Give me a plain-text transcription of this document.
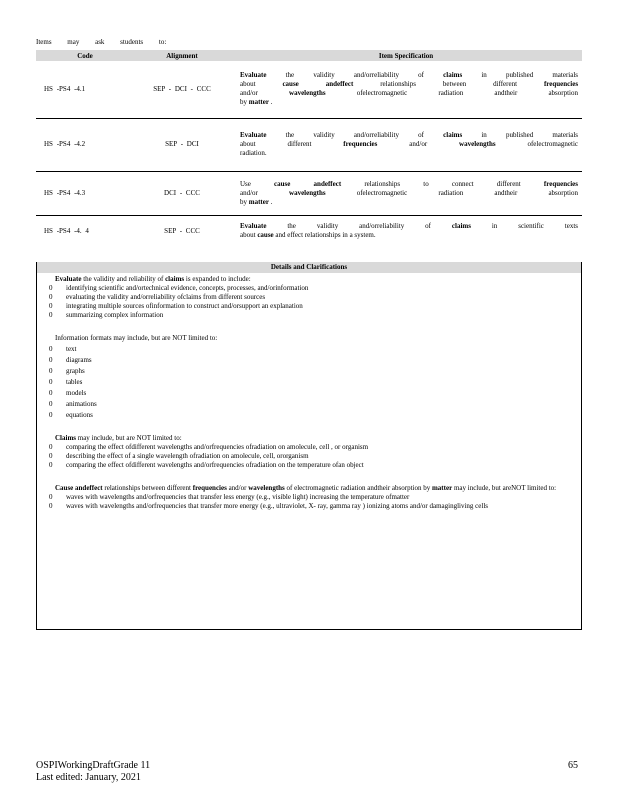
Items may ask students to:
Code	Alignment	Item Specification
HS -PS4 -4.1	SEP - DCI - CCC	Evaluate the validity and/orreliability of claims in published materials
about cause andeffect relationships between different frequencies
and/or wavelengths ofelectromagnetic radiation andtheir absorption
by matter .

HS -PS4 -4.2	SEP - DCI	Evaluate the validity and/orreliability of claims in published materials
about different frequencies and/or wavelengths ofelectromagnetic
radiation.

HS -PS4 -4.3	DCI - CCC	Use cause andeffect relationships to connect different frequencies
and/or wavelengths ofelectromagnetic radiation andtheir absorption
by matter .

HS -PS4 -4. 4	SEP - CCC	Evaluate the validity and/orreliability of claims in scientific texts
about cause and effect relationships in a system.
Details and Clarifications
Evaluate the validity and reliability of claims is expanded to include:
0	identifying scientific and/ortechnical evidence, concepts, processes, and/orinformation
0	evaluating the validity and/orreliability ofclaims from different sources
0	integrating multiple sources ofinformation to construct and/orsupport an explanation
0	summarizing complex information
Information formats may include, but are NOT limited to:
0	text
0	diagrams
0	graphs
0	tables
0	models
0	animations
0	equations
Claims may include, but are NOT limited to:
0	comparing the effect ofdifferent wavelengths and/orfrequencies ofradiation on amolecule, cell , or organism
0	describing the effect of a single wavelength ofradiation on amolecule, cell, ororganism
0	comparing the effect ofdifferent wavelengths and/orfrequencies ofradiation on the temperature ofan object
Cause andeffect relationships between different frequencies and/or wavelengths of electromagnetic radiation andtheir absorption by matter may include, but areNOT limited to:
0	waves with wavelengths and/orfrequencies that transfer less energy (e.g., visible light) increasing the temperature ofmatter
0	waves with wavelengths and/orfrequencies that transfer more energy (e.g., ultraviolet, X- ray, gamma ray ) ionizing atoms and/or damagingliving cells
OSPIWorkingDraftGrade 11
Last edited: January, 2021
65
